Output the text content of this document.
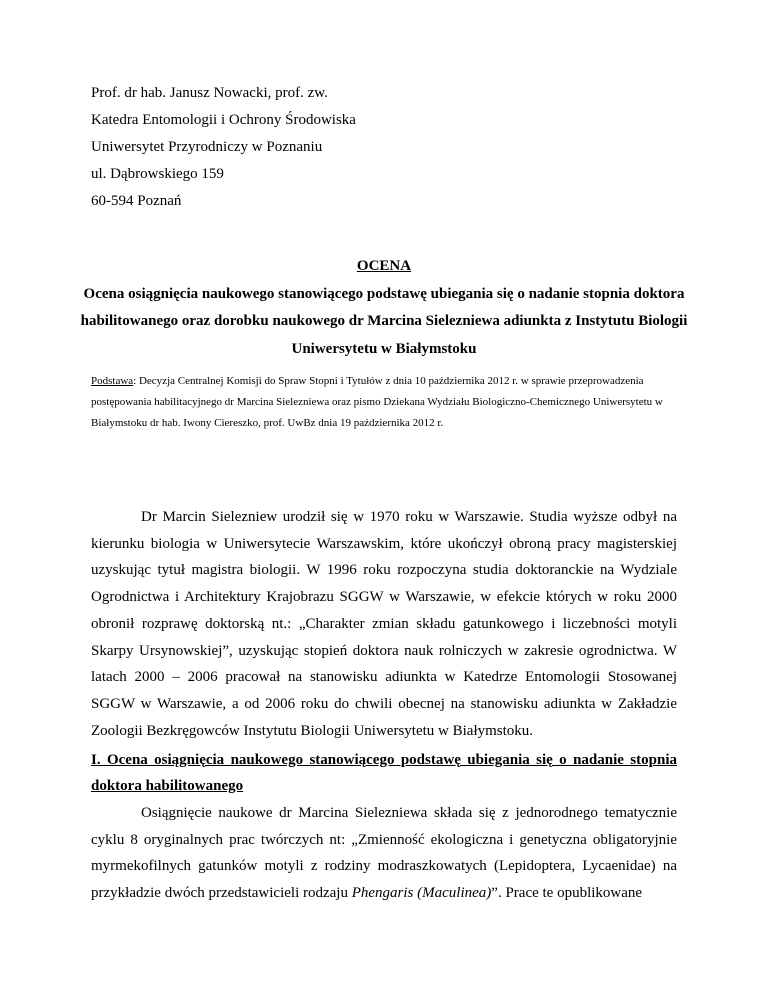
Prof. dr hab. Janusz Nowacki, prof. zw.
Katedra Entomologii i Ochrony Środowiska
Uniwersytet Przyrodniczy w Poznaniu
ul. Dąbrowskiego 159
60-594 Poznań
OCENA
Ocena osiągnięcia naukowego stanowiącego podstawę ubiegania się o nadanie stopnia doktora habilitowanego oraz dorobku naukowego dr Marcina Sielezniewa adiunkta z Instytutu Biologii Uniwersytetu w Białymstoku
Podstawa: Decyzja Centralnej Komisji do Spraw Stopni i Tytułów z dnia 10 października 2012 r. w sprawie przeprowadzenia postępowania habilitacyjnego dr Marcina Sielezniewa oraz pismo Dziekana Wydziału Biologiczno-Chemicznego Uniwersytetu w Białymstoku dr hab. Iwony Ciereszko, prof. UwBz dnia 19 października 2012 r.
Dr Marcin Sielezniew urodził się w 1970 roku w Warszawie. Studia wyższe odbył na kierunku biologia w Uniwersytecie Warszawskim, które ukończył obroną pracy magisterskiej uzyskując tytuł magistra biologii. W 1996 roku rozpoczyna studia doktoranckie na Wydziale Ogrodnictwa i Architektury Krajobrazu SGGW w Warszawie, w efekcie których w roku 2000 obronił rozprawę doktorską nt.: „Charakter zmian składu gatunkowego i liczebności motyli Skarpy Ursynowskiej”, uzyskując stopień doktora nauk rolniczych w zakresie ogrodnictwa. W latach 2000 – 2006 pracował na stanowisku adiunkta w Katedrze Entomologii Stosowanej SGGW w Warszawie, a od 2006 roku do chwili obecnej na stanowisku adiunkta w Zakładzie Zoologii Bezkręgowców Instytutu Biologii Uniwersytetu w Białymstoku.
I. Ocena osiągnięcia naukowego stanowiącego podstawę ubiegania się o nadanie stopnia doktora habilitowanego
Osiągnięcie naukowe dr Marcina Sielezniewa składa się z jednorodnego tematycznie cyklu 8 oryginalnych prac twórczych nt: „Zmienność ekologiczna i genetyczna obligatoryjnie myrmekofilnych gatunków motyli z rodziny modraszkowatych (Lepidoptera, Lycaenidae) na przykładzie dwóch przedstawicieli rodzaju Phengaris (Maculinea)”. Prace te opublikowane
